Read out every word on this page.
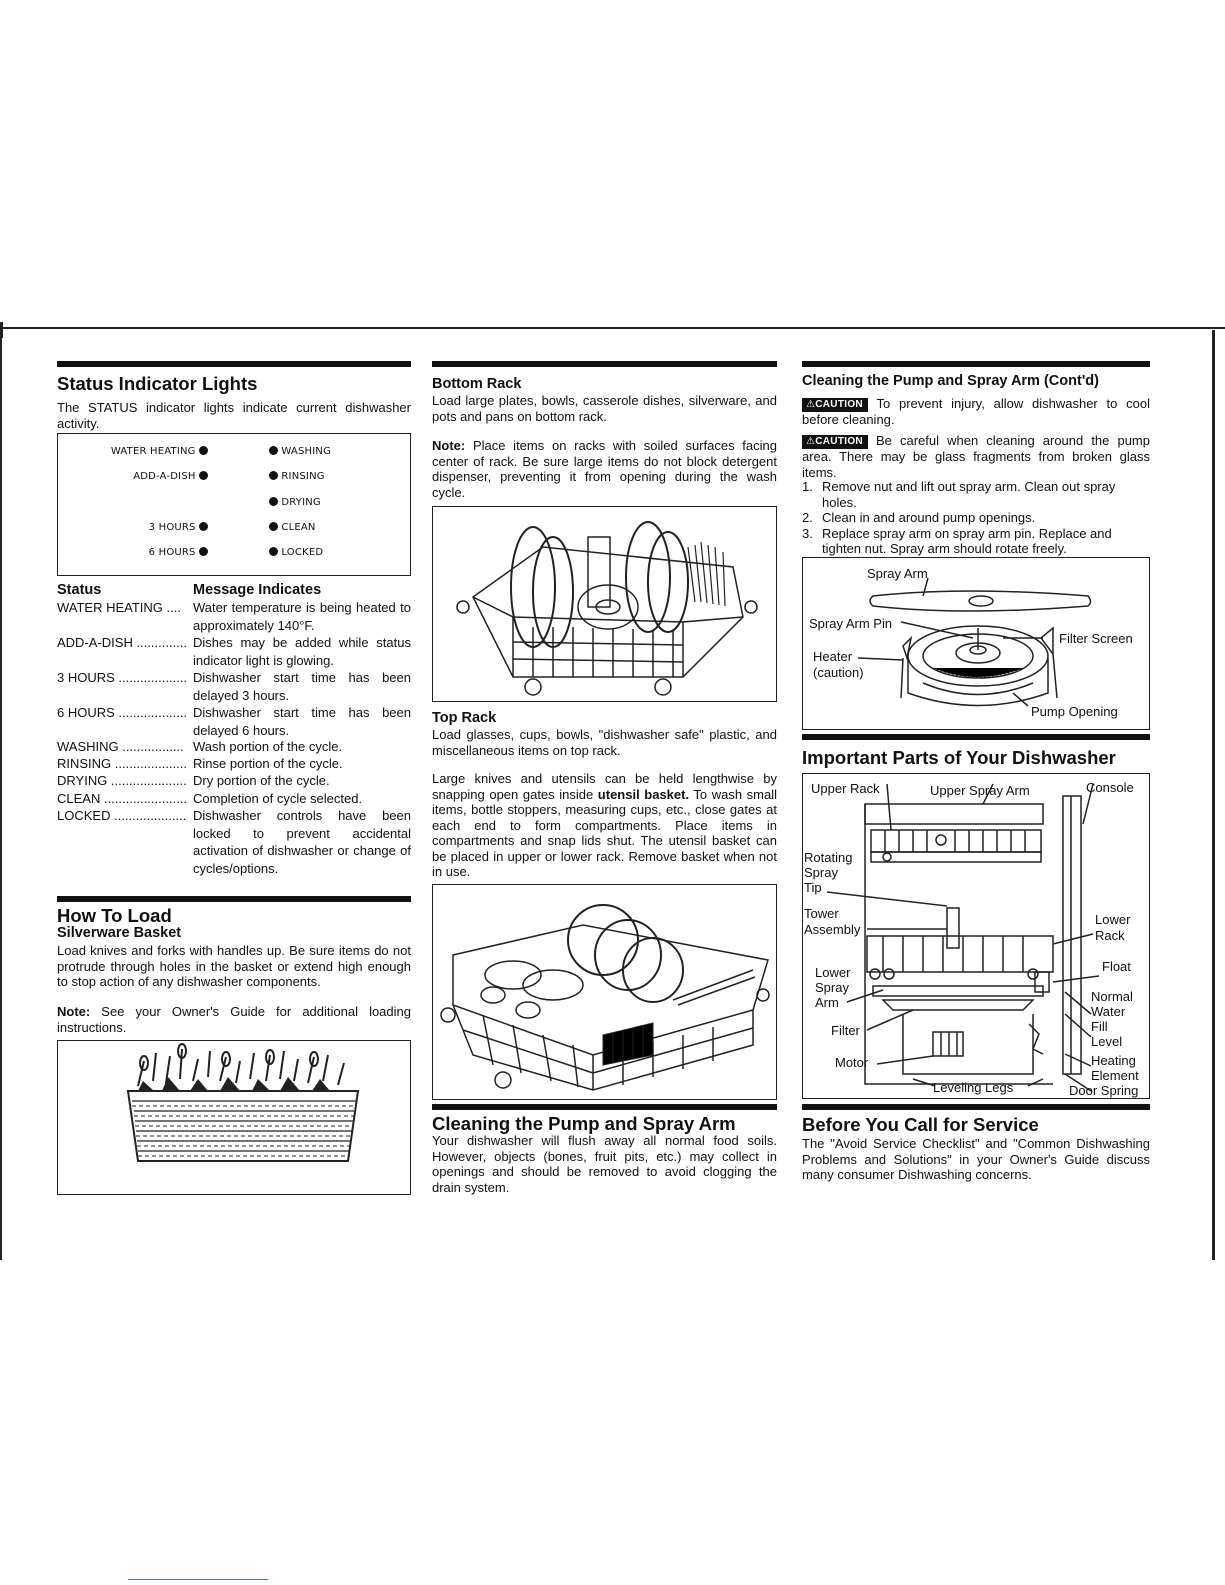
Status Indicator Lights
The STATUS indicator lights indicate current dishwasher activity.
WATER HEATING
ADD-A-DISH
3 HOURS
6 HOURS
WASHING
RINSING
DRYING
CLEAN
LOCKED
Status	Message Indicates
WATER HEATING .... Water temperature is being heated to approximately 140°F.
ADD-A-DISH .............. Dishes may be added while status indicator light is glowing.
3 HOURS ................... Dishwasher start time has been delayed 3 hours.
6 HOURS ................... Dishwasher start time has been delayed 6 hours.
WASHING ................. Wash portion of the cycle.
RINSING .................... Rinse portion of the cycle.
DRYING ..................... Dry portion of the cycle.
CLEAN ....................... Completion of cycle selected.
LOCKED .................... Dishwasher controls have been locked to prevent accidental activation of dishwasher or change of cycles/options.
How To Load
Silverware Basket
Load knives and forks with handles up. Be sure items do not protrude through holes in the basket or extend high enough to stop action of any dishwasher components.
Note: See your Owner's Guide for additional loading instructions.
Bottom Rack
Load large plates, bowls, casserole dishes, silverware, and pots and pans on bottom rack.
Note: Place items on racks with soiled surfaces facing center of rack. Be sure large items do not block detergent dispenser, preventing it from opening during the wash cycle.
Top Rack
Load glasses, cups, bowls, "dishwasher safe" plastic, and miscellaneous items on top rack.
Large knives and utensils can be held lengthwise by snapping open gates inside utensil basket. To wash small items, bottle stoppers, measuring cups, etc., close gates at each end to form compartments. Place items in compartments and snap lids shut. The utensil basket can be placed in upper or lower rack. Remove basket when not in use.
Cleaning the Pump and Spray Arm
Your dishwasher will flush away all normal food soils. However, objects (bones, fruit pits, etc.) may collect in openings and should be removed to avoid clogging the drain system.
Cleaning the Pump and Spray Arm (Cont'd)
⚠CAUTION To prevent injury, allow dishwasher to cool before cleaning.
⚠CAUTION Be careful when cleaning around the pump area. There may be glass fragments from broken glass items.
1. Remove nut and lift out spray arm. Clean out spray holes.
2. Clean in and around pump openings.
3. Replace spray arm on spray arm pin. Replace and tighten nut. Spray arm should rotate freely.
Spray Arm
Spray Arm Pin
Filter Screen
Heater
(caution)
Pump Opening
Important Parts of Your Dishwasher
Upper Rack	Upper Spray Arm	Console
Rotating
Spray
Tip
Tower
Assembly
Lower
Rack
Lower
Spray
Arm
Float
Normal
Water
Fill
Level
Filter
Motor	Heating
Element
Leveling Legs	Door Spring
Before You Call for Service
The "Avoid Service Checklist" and "Common Dishwashing Problems and Solutions" in your Owner's Guide discuss many consumer Dishwashing concerns.
